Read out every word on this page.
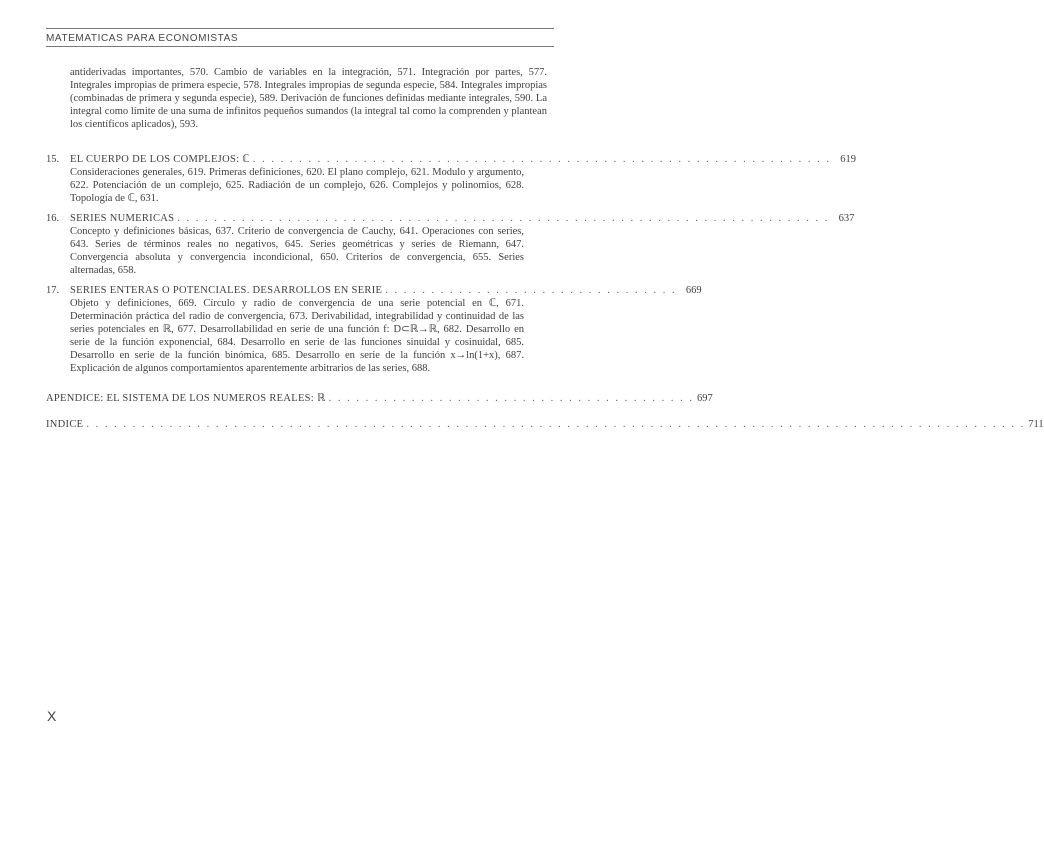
MATEMATICAS PARA ECONOMISTAS
antiderivadas importantes, 570. Cambio de variables en la integración, 571. Integración por partes, 577. Integrales impropias de primera especie, 578. Integrales impropias de segunda especie, 584. Integrales impropias (combinadas de primera y segunda especie), 589. Derivación de funciones definidas mediante integrales, 590. La integral como límite de una suma de infinitos pequeños sumandos (la integral tal como la comprenden y plantean los científicos aplicados), 593.
15.	EL CUERPO DE LOS COMPLEJOS: ℂ . . . . . . . . . . . . . . . . . . . . . . . . . . . . . . . . . . . . . . . . . . . . . . . . . . . . . . . . . . . . . . . 619
Consideraciones generales, 619. Primeras definiciones, 620. El plano complejo, 621. Modulo y argumento, 622. Potenciación de un complejo, 625. Radiación de un complejo, 626. Complejos y polinomios, 628. Topología de ℂ, 631.
16.	SERIES NUMERICAS . . . . . . . . . . . . . . . . . . . . . . . . . . . . . . . . . . . . . . . . . . . . . . . . . . . . . . . . . . . . . . . . . . . . . . . 637
Concepto y definiciones básicas, 637. Criterio de convergencia de Cauchy, 641. Operaciones con series, 643. Series de términos reales no negativos, 645. Series geométricas y series de Riemann, 647. Convergencia absoluta y convergencia incondicional, 650. Criterios de convergencia, 655. Series alternadas, 658.
17.	SERIES ENTERAS O POTENCIALES. DESARROLLOS EN SERIE . . . . . . . . . . . . . . . . . . . . . . . . . . . . . . . . 669
Objeto y definiciones, 669. Círculo y radio de convergencia de una serie potencial en ℂ, 671. Determinación práctica del radio de convergencia, 673. Derivabilidad, integrabilidad y continuidad de las series potenciales en ℝ, 677. Desarrollabilidad en serie de una función f: D⊂ℝ→ℝ, 682. Desarrollo en serie de la función exponencial, 684. Desarrollo en serie de las funciones sinuidal y cosinuidal, 685. Desarrollo en serie de la función binómica, 685. Desarrollo en serie de la función x→ln(1+x), 687. Explicación de algunos comportamientos aparentemente arbitrarios de las series, 688.
APENDICE: EL SISTEMA DE LOS NUMEROS REALES: ℝ . . . . . . . . . . . . . . . . . . . . . . . . . . . . . . . . . . . . . . . . 697
INDICE . . . . . . . . . . . . . . . . . . . . . . . . . . . . . . . . . . . . . . . . . . . . . . . . . . . . . . . . . . . . . . . . . . . . . . . . . . . . . . . . . . . . . . . . . . . . . . . . . . . . . . 711
X
